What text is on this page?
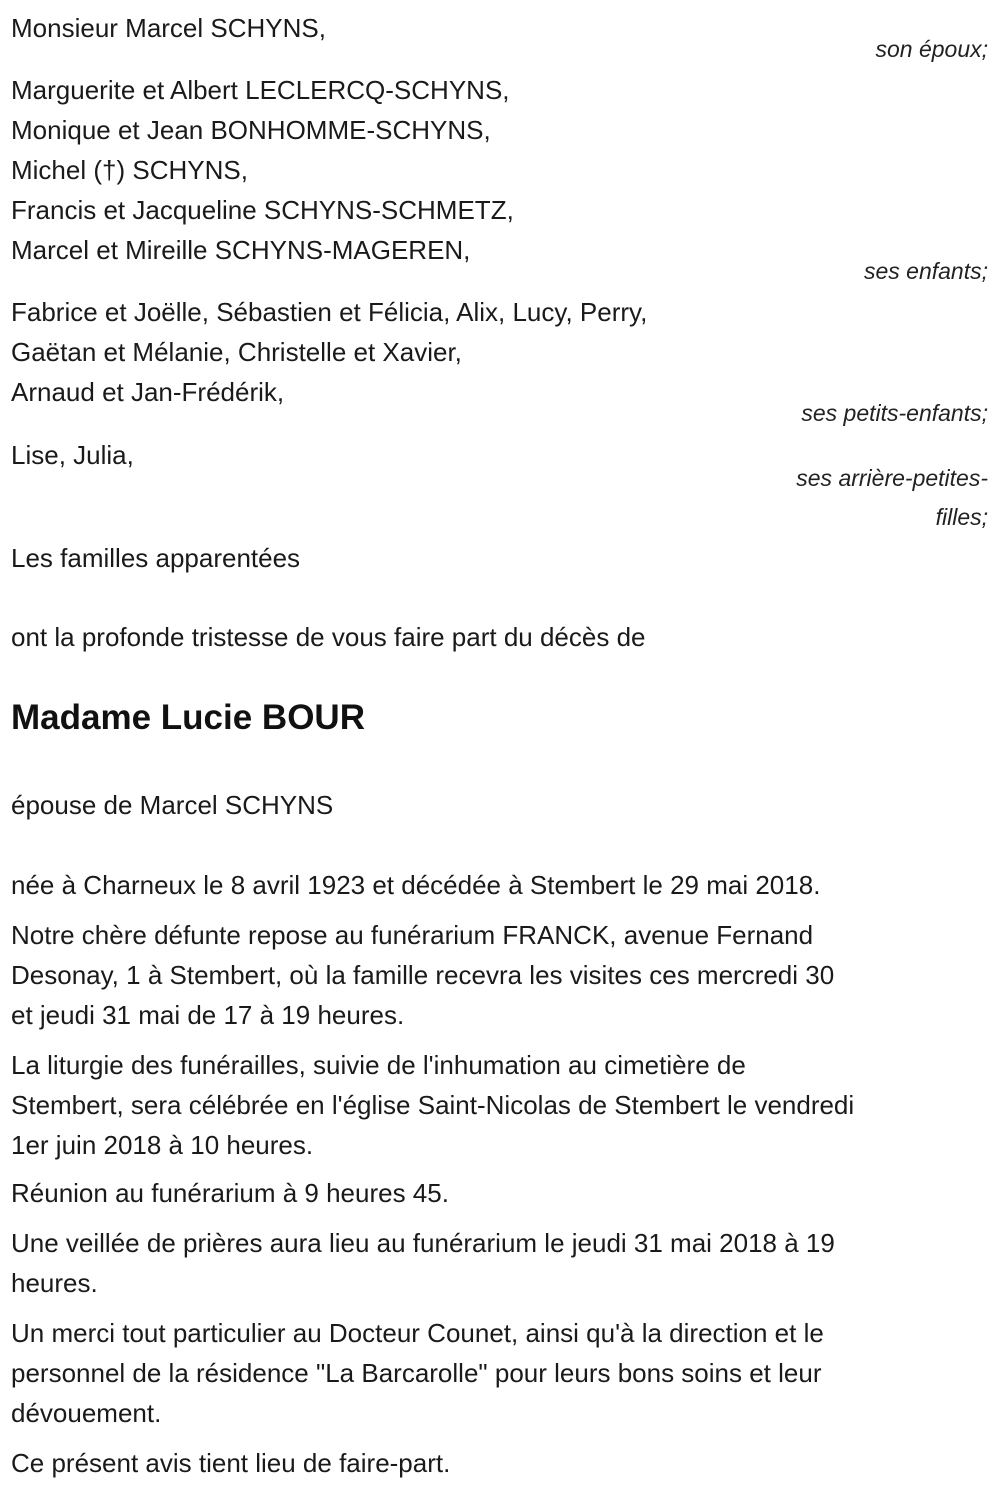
Monsieur Marcel SCHYNS,
son époux;
Marguerite et Albert LECLERCQ-SCHYNS,
Monique et Jean BONHOMME-SCHYNS,
Michel (†) SCHYNS,
Francis et Jacqueline SCHYNS-SCHMETZ,
Marcel et Mireille SCHYNS-MAGEREN,
ses enfants;
Fabrice et Joëlle, Sébastien et Félicia, Alix, Lucy, Perry,
Gaëtan et Mélanie, Christelle et Xavier,
Arnaud et Jan-Frédérik,
ses petits-enfants;
Lise, Julia,
ses arrière-petites-
filles;
Les familles apparentées
ont la profonde tristesse de vous faire part du décès de
Madame Lucie BOUR
épouse de Marcel SCHYNS
née à Charneux le 8 avril 1923 et décédée à Stembert le 29 mai 2018.
Notre chère défunte repose au funérarium FRANCK, avenue Fernand
Desonay, 1 à Stembert, où la famille recevra les visites ces mercredi 30
et jeudi 31 mai de 17 à 19 heures.
La liturgie des funérailles, suivie de l'inhumation au cimetière de
Stembert, sera célébrée en l'église Saint-Nicolas de Stembert le vendredi
1er juin 2018 à 10 heures.
Réunion au funérarium à 9 heures 45.
Une veillée de prières aura lieu au funérarium le jeudi 31 mai 2018 à 19
heures.
Un merci tout particulier au Docteur Counet, ainsi qu'à la direction et le
personnel de la résidence "La Barcarolle" pour leurs bons soins et leur
dévouement.
Ce présent avis tient lieu de faire-part.
